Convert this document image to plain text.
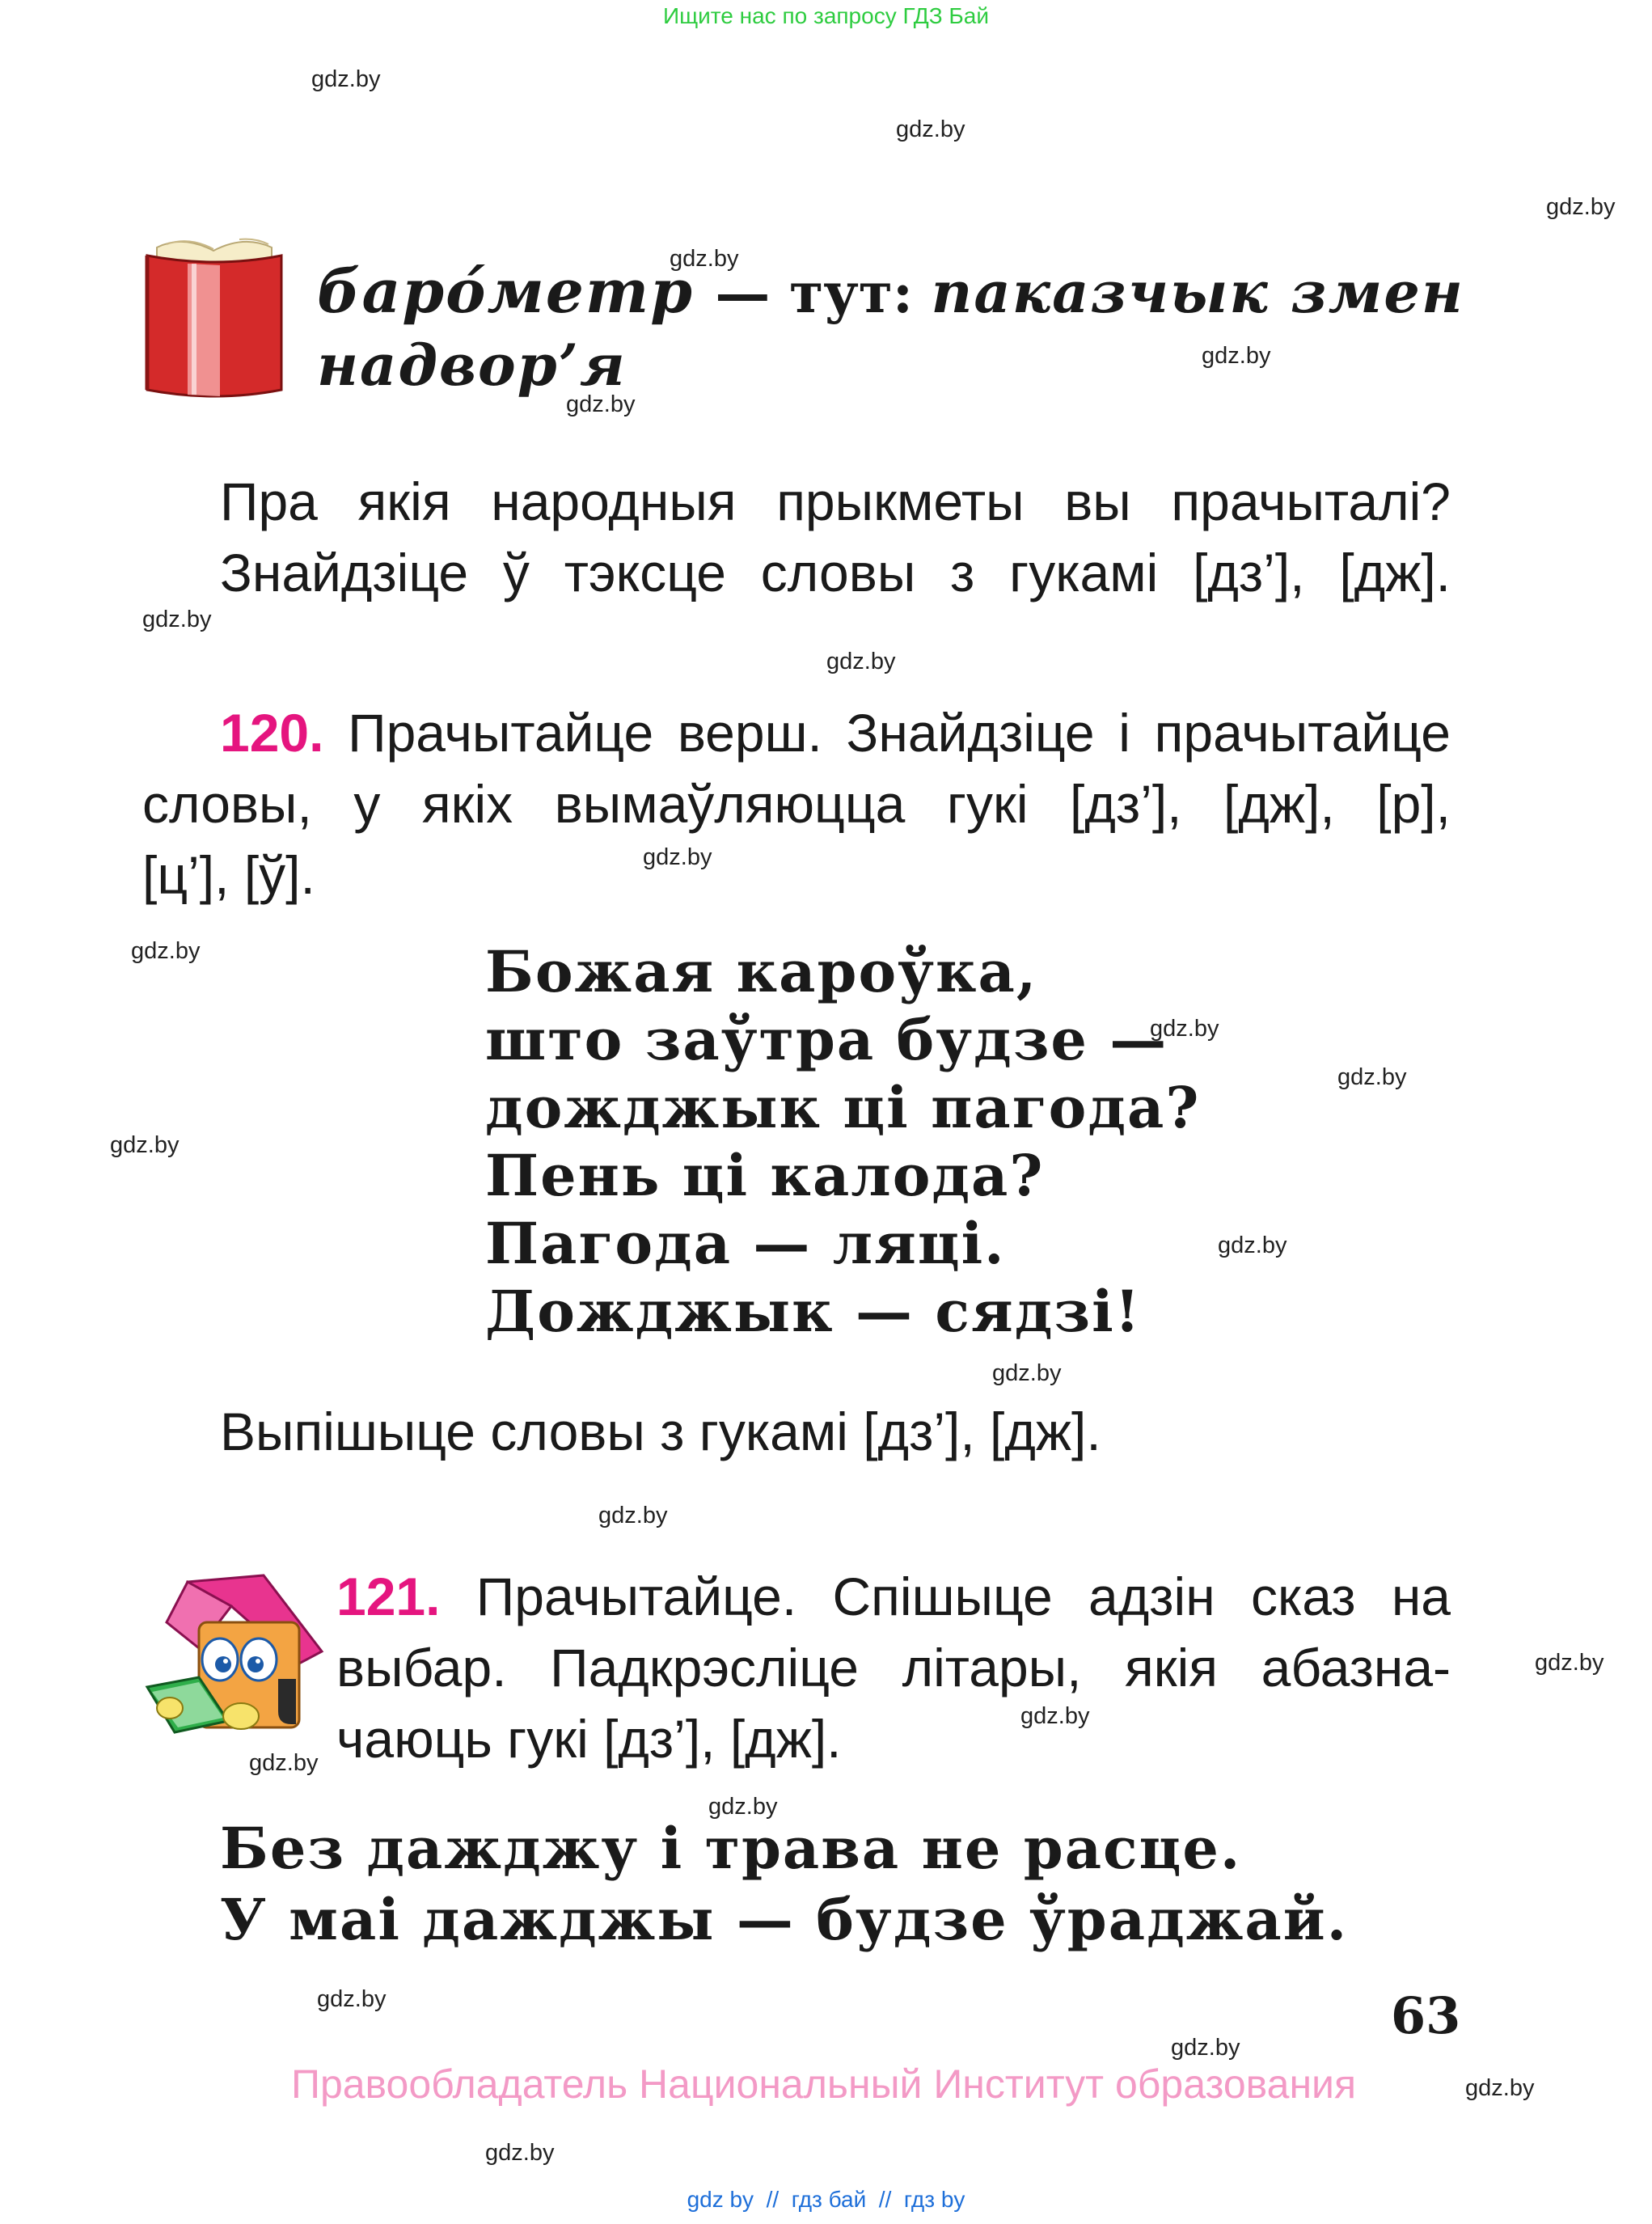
Ищите нас по запросу ГДЗ Бай
gdz.by
gdz.by
gdz.by
gdz.by
gdz.by
gdz.by
gdz.by
gdz.by
gdz.by
gdz.by
gdz.by
gdz.by
gdz.by
gdz.by
gdz.by
gdz.by
gdz.by
gdz.by
gdz.by
gdz.by
gdz.by
gdz.by
gdz.by
gdz.by
баро́метр — тут: паказчык змен
надвор’я
Пра якія народныя прыкметы вы прачыталі?
Знайдзіце ў тэксце словы з гукамі [дз’], [дж].
120. Прачытайце верш. Знайдзіце і прачытайце
словы, у якіх вымаўляюцца гукі [дз’], [дж], [р],
[ц’], [ў].
Божая кароўка,
што заўтра будзе —
дожджык ці пагода?
Пень ці калода?
Пагода — ляці.
Дожджык — сядзі!
Выпішыце словы з гукамі [дз’], [дж].
121. Прачытайце. Спішыце адзін сказ на
выбар. Падкрэсліце літары, якія абазна-
чаюць гукі [дз’], [дж].
Без дажджу і трава не расце.
У маі дажджы — будзе ўраджай.
63
Правообладатель Национальный Институт образования
gdz by  //  гдз бай  //  гдз by
